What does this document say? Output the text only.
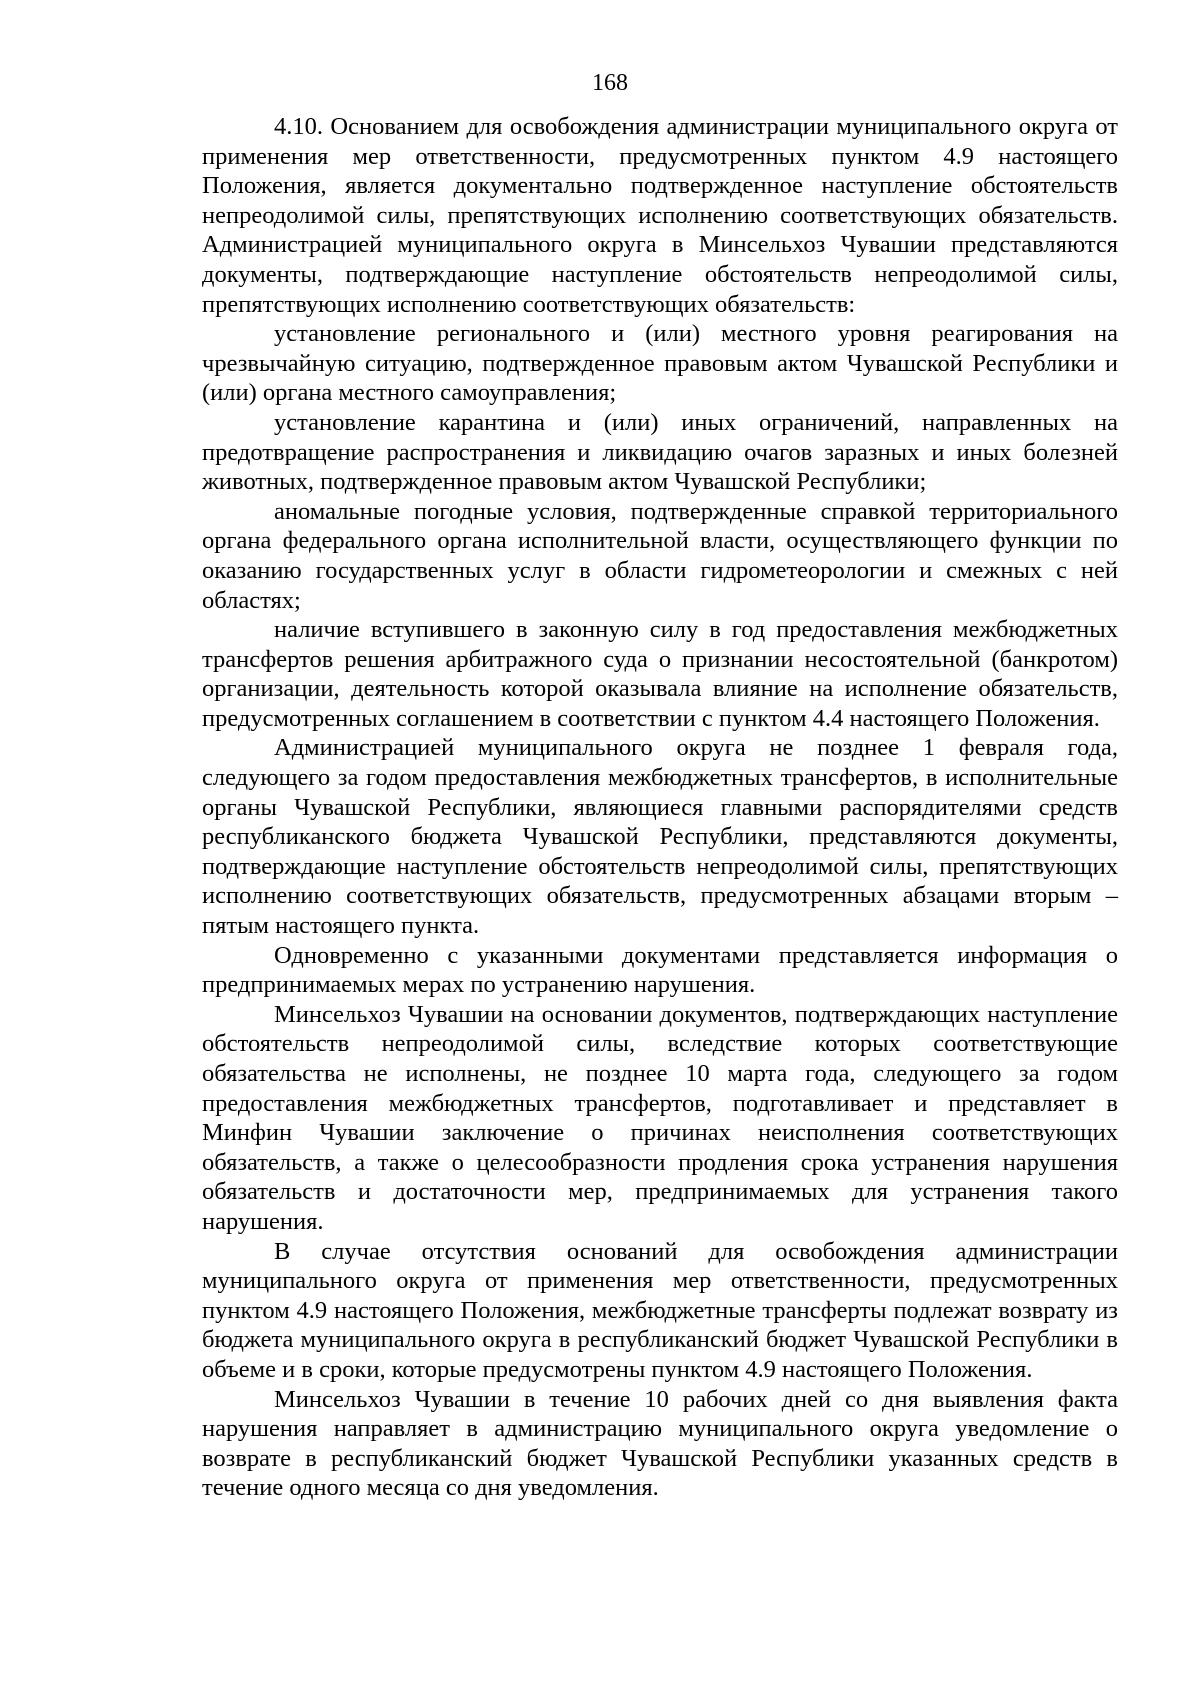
168

4.10. Основанием для освобождения администрации муниципального округа от применения мер ответственности, предусмотренных пунктом 4.9 настоящего Положения, является документально подтвержденное наступление обстоятельств непреодолимой силы, препятствующих исполнению соответствующих обязательств. Администрацией муниципального округа в Минсельхоз Чувашии представляются документы, подтверждающие наступление обстоятельств непреодолимой силы, препятствующих исполнению соответствующих обязательств:

установление регионального и (или) местного уровня реагирования на чрезвычайную ситуацию, подтвержденное правовым актом Чувашской Республики и (или) органа местного самоуправления;

установление карантина и (или) иных ограничений, направленных на предотвращение распространения и ликвидацию очагов заразных и иных болезней животных, подтвержденное правовым актом Чувашской Республики;

аномальные погодные условия, подтвержденные справкой территориального органа федерального органа исполнительной власти, осуществляющего функции по оказанию государственных услуг в области гидрометеорологии и смежных с ней областях;

наличие вступившего в законную силу в год предоставления межбюджетных трансфертов решения арбитражного суда о признании несостоятельной (банкротом) организации, деятельность которой оказывала влияние на исполнение обязательств, предусмотренных соглашением в соответствии с пунктом 4.4 настоящего Положения.

Администрацией муниципального округа не позднее 1 февраля года, следующего за годом предоставления межбюджетных трансфертов, в исполнительные органы Чувашской Республики, являющиеся главными распорядителями средств республиканского бюджета Чувашской Республики, представляются документы, подтверждающие наступление обстоятельств непреодолимой силы, препятствующих исполнению соответствующих обязательств, предусмотренных абзацами вторым – пятым настоящего пункта.

Одновременно с указанными документами представляется информация о предпринимаемых мерах по устранению нарушения.

Минсельхоз Чувашии на основании документов, подтверждающих наступление обстоятельств непреодолимой силы, вследствие которых соответствующие обязательства не исполнены, не позднее 10 марта года, следующего за годом предоставления межбюджетных трансфертов, подготавливает и представляет в Минфин Чувашии заключение о причинах неисполнения соответствующих обязательств, а также о целесообразности продления срока устранения нарушения обязательств и достаточности мер, предпринимаемых для устранения такого нарушения.

В случае отсутствия оснований для освобождения администрации муниципального округа от применения мер ответственности, предусмотренных пунктом 4.9 настоящего Положения, межбюджетные трансферты подлежат возврату из бюджета муниципального округа в республиканский бюджет Чувашской Республики в объеме и в сроки, которые предусмотрены пунктом 4.9 настоящего Положения.

Минсельхоз Чувашии в течение 10 рабочих дней со дня выявления факта нарушения направляет в администрацию муниципального округа уведомление о возврате в республиканский бюджет Чувашской Республики указанных средств в течение одного месяца со дня уведомления.
